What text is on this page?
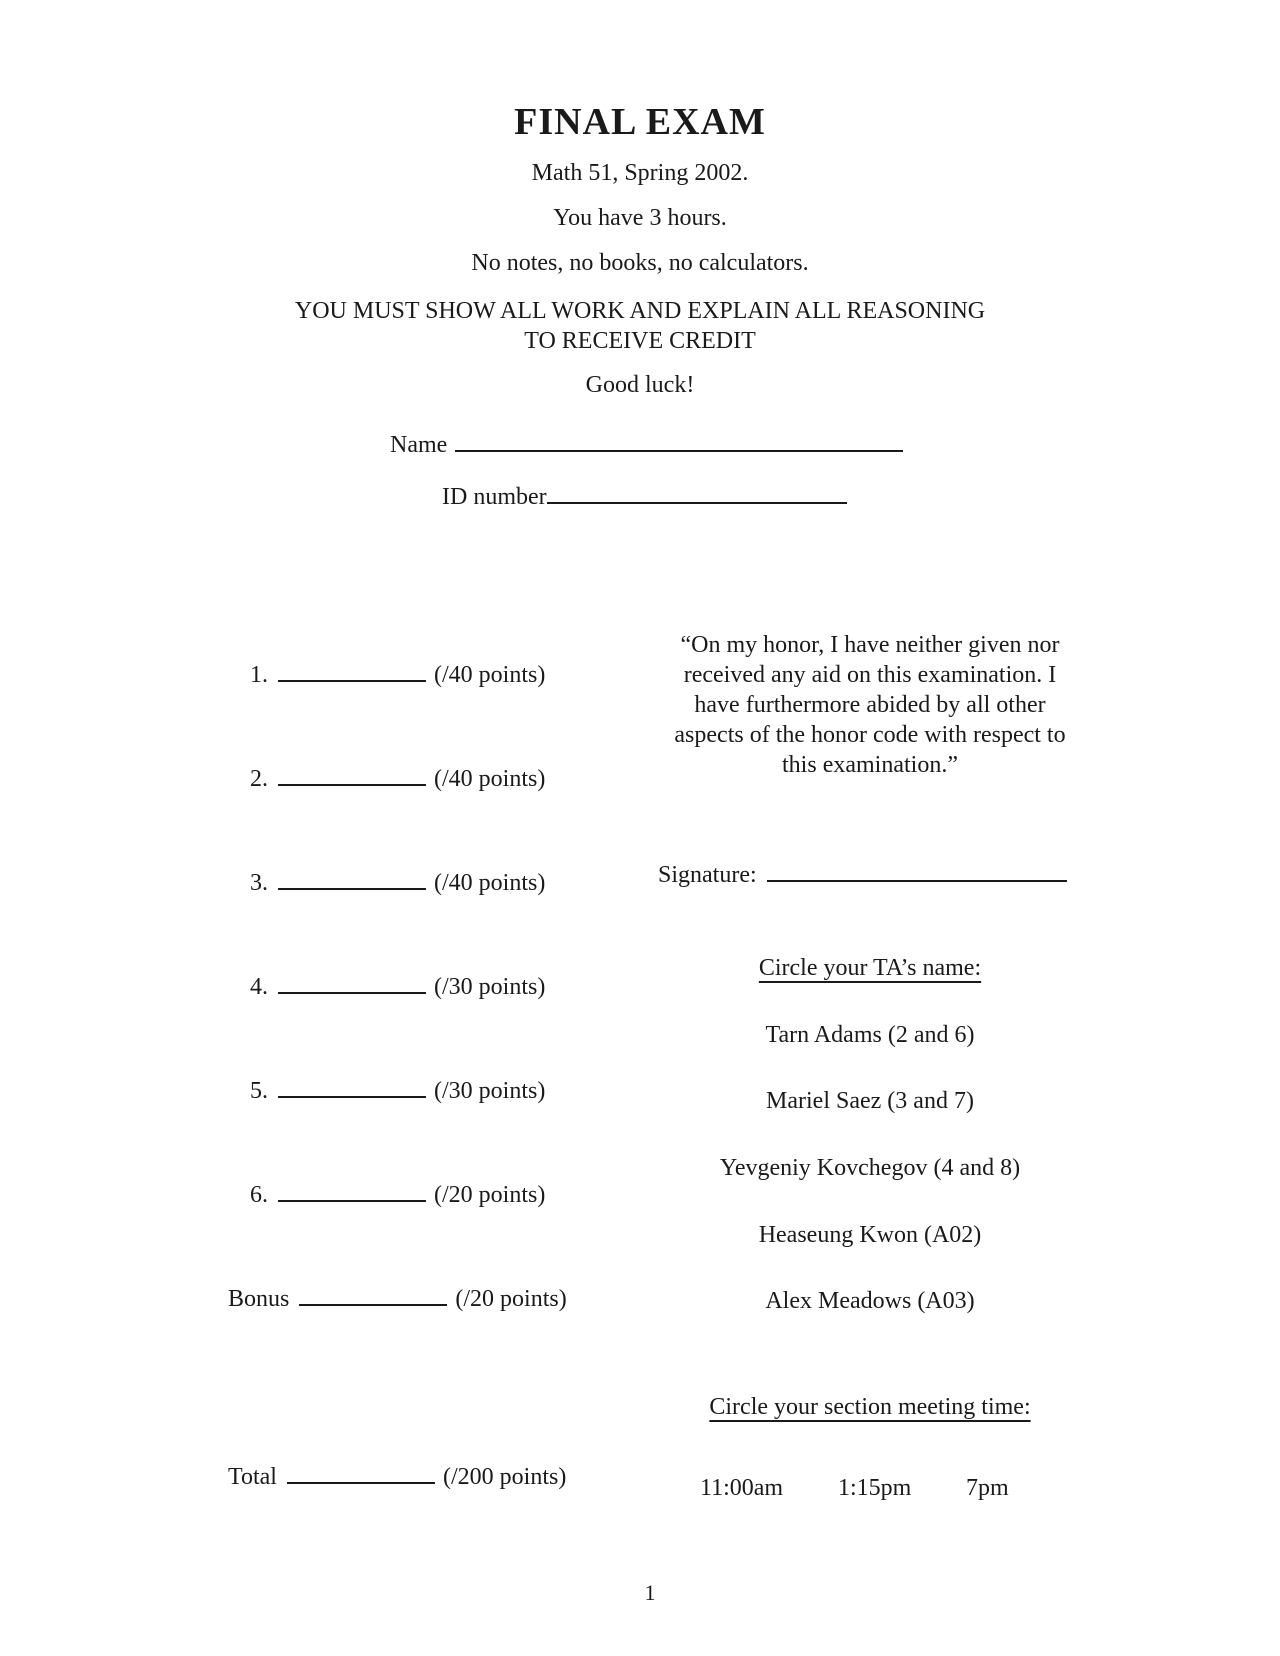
FINAL EXAM
Math 51, Spring 2002.
You have 3 hours.
No notes, no books, no calculators.
YOU MUST SHOW ALL WORK AND EXPLAIN ALL REASONING
TO RECEIVE CREDIT
Good luck!
Name
ID number
1.	(/40 points)
2.	(/40 points)
3.	(/40 points)
4.	(/30 points)
5.	(/30 points)
6.	(/20 points)
Bonus	(/20 points)
Total	(/200 points)
“On my honor, I have neither given nor
received any aid on this examination. I
have furthermore abided by all other
aspects of the honor code with respect to
this examination.”
Signature:
Circle your TA’s name:
Tarn Adams (2 and 6)
Mariel Saez (3 and 7)
Yevgeniy Kovchegov (4 and 8)
Heaseung Kwon (A02)
Alex Meadows (A03)
Circle your section meeting time:
11:00am 1:15pm 7pm
1
